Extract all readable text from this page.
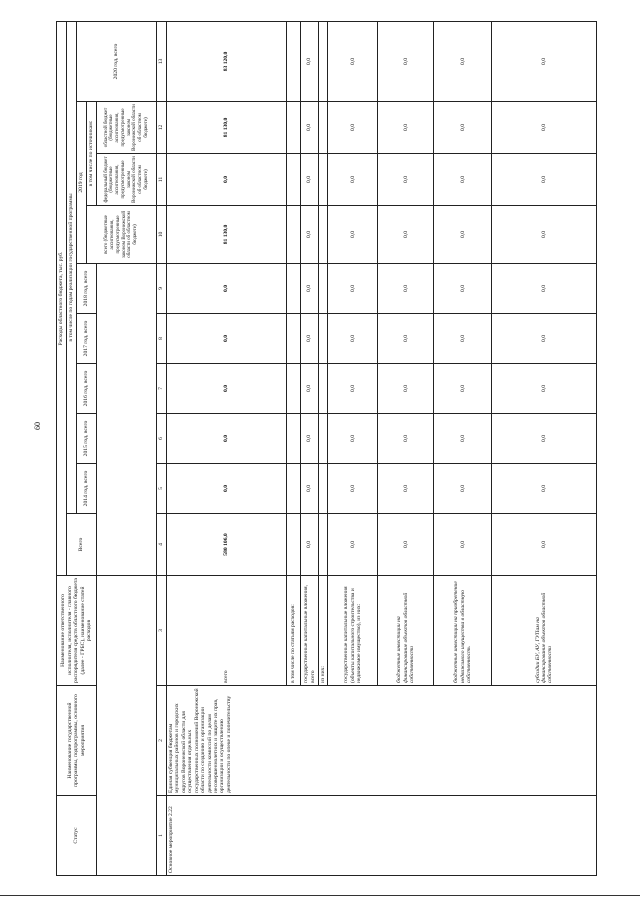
60
Статус	Наименование государственной программы, подпрограммы, основного мероприятия	Наименование ответственного исполнителя, исполнителя - главного распорядителя средств областного бюджета (далее - ГРБС), наименование статей расходов	Расходы областного бюджета, тыс. руб.									
			Всего	в том числе по годам реализации государственной программы								
				2014 год, всего	2015 год, всего	2016 год, всего	2017 год, всего	2018 год, всего	2019 год			2020 год, всего
									всего (бюджетные ассигнования, предусмотренные законом Воронежской области об областном бюджете)	в том числе по источникам:		
										федеральный бюджет (бюджетные ассигнования, предусмотренные законом Воронежской области об областном бюджете)	областной бюджет (бюджетные ассигнования, предусмотренные законом Воронежской области об областном бюджете)	
1	2	3	4	5	6	7	8	9	10	11	12	13
Основное мероприятие 2.22	Единая субвенция бюджетам муниципальных районов и городских округов Воронежской области для осуществления отдельных государственных полномочий Воронежской области по созданию и организации деятельности комиссий по делам несовершеннолетних и защите их прав, организации и осуществлению деятельности по опеке и попечительству	всего	580 106,0	0,0	0,0	0,0	0,0	0,0	81 130,0	0,0	81 130,0	83 120,0
		в том числе по статьям расходов:										
		государственные капитальные вложения, всего	0,0	0,0	0,0	0,0	0,0	0,0	0,0	0,0	0,0	0,0
		из них:										
		государственные капитальные вложения (объекты капитального строительства и недвижимое имущество), из них:	0,0	0,0	0,0	0,0	0,0	0,0	0,0	0,0	0,0	0,0
		бюджетные инвестиции на финансирование объектов областной собственности	0,0	0,0	0,0	0,0	0,0	0,0	0,0	0,0	0,0	0,0
		бюджетные инвестиции на приобретение недвижимого имущества в областную собственность	0,0	0,0	0,0	0,0	0,0	0,0	0,0	0,0	0,0	0,0
		субсидии БУ, АУ, ГУПам на финансирование объектов областной собственности	0,0	0,0	0,0	0,0	0,0	0,0	0,0	0,0	0,0	0,0
